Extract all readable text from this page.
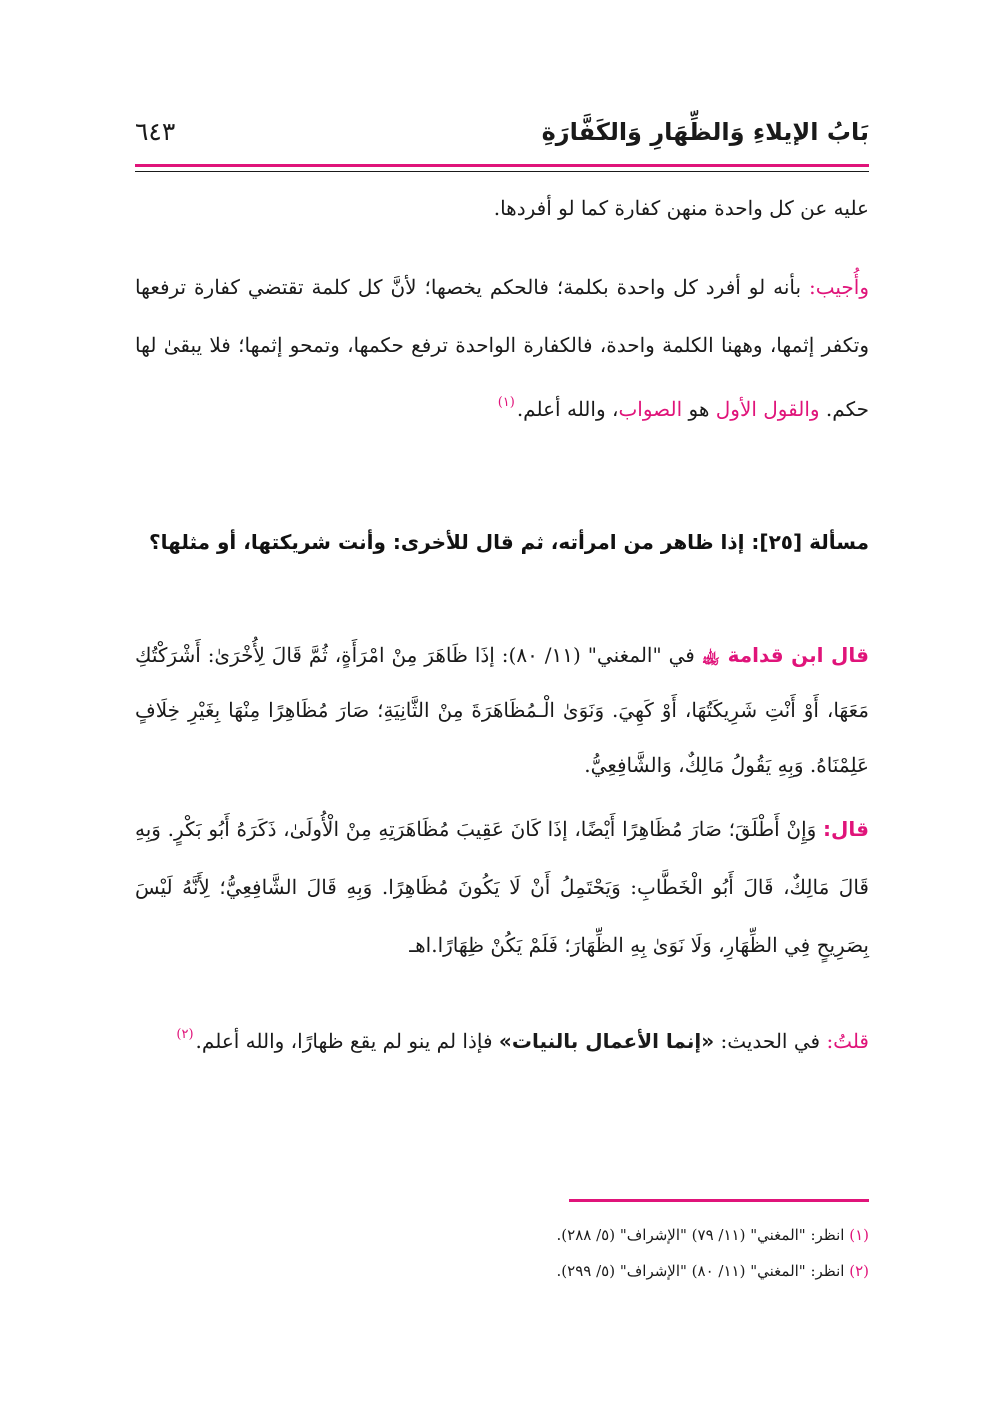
بَابُ الإيلاءِ وَالظِّهَارِ وَالكَفَّارَةِ
٦٤٣

عليه عن كل واحدة منهن كفارة كما لو أفردها.

وأُجيب: بأنه لو أفرد كل واحدة بكلمة؛ فالحكم يخصها؛ لأنَّ كل كلمة تقتضي كفارة ترفعها وتكفر إثمها، وههنا الكلمة واحدة، فالكفارة الواحدة ترفع حكمها، وتمحو إثمها؛ فلا يبقىٰ لها حكم. والقول الأول هو الصواب، والله أعلم.$^{(١)}$

مسألة [٢٥]: إذا ظاهر من امرأته، ثم قال للأخرى: وأنت شريكتها، أو مثلها؟

قال ابن قدامة ﵀ في "المغني" (١١/ ٨٠): إذَا ظَاهَرَ مِنْ امْرَأَةٍ، ثُمَّ قَالَ لِأُخْرَىٰ: أَشْرَكْتُكِ مَعَهَا، أَوْ أَنْتِ شَرِيكَتُهَا، أَوْ كَهِيَ. وَنَوَىٰ الْـمُظَاهَرَةَ مِنْ الثَّانِيَةِ؛ صَارَ مُظَاهِرًا مِنْهَا بِغَيْرِ خِلَافٍ عَلِمْنَاهُ. وَبِهِ يَقُولُ مَالِكٌ، وَالشَّافِعِيُّ.

قال: وَإِنْ أَطْلَقَ؛ صَارَ مُظَاهِرًا أَيْضًا، إذَا كَانَ عَقِيبَ مُظَاهَرَتِهِ مِنْ الْأُولَىٰ، ذَكَرَهُ أَبُو بَكْرٍ. وَبِهِ قَالَ مَالِكٌ، قَالَ أَبُو الْخَطَّابِ: وَيَحْتَمِلُ أَنْ لَا يَكُونَ مُظَاهِرًا. وَبِهِ قَالَ الشَّافِعِيُّ؛ لِأَنَّهُ لَيْسَ بِصَرِيحٍ فِي الظِّهَارِ، وَلَا نَوَىٰ بِهِ الظِّهَارَ؛ فَلَمْ يَكُنْ ظِهَارًا.اهـ

قلتُ: في الحديث: «إنما الأعمال بالنيات» فإذا لم ينو لم يقع ظهارًا، والله أعلم.$^{(٢)}$

(١) انظر: "المغني" (١١/ ٧٩) "الإشراف" (٥/ ٢٨٨).
(٢) انظر: "المغني" (١١/ ٨٠) "الإشراف" (٥/ ٢٩٩).
